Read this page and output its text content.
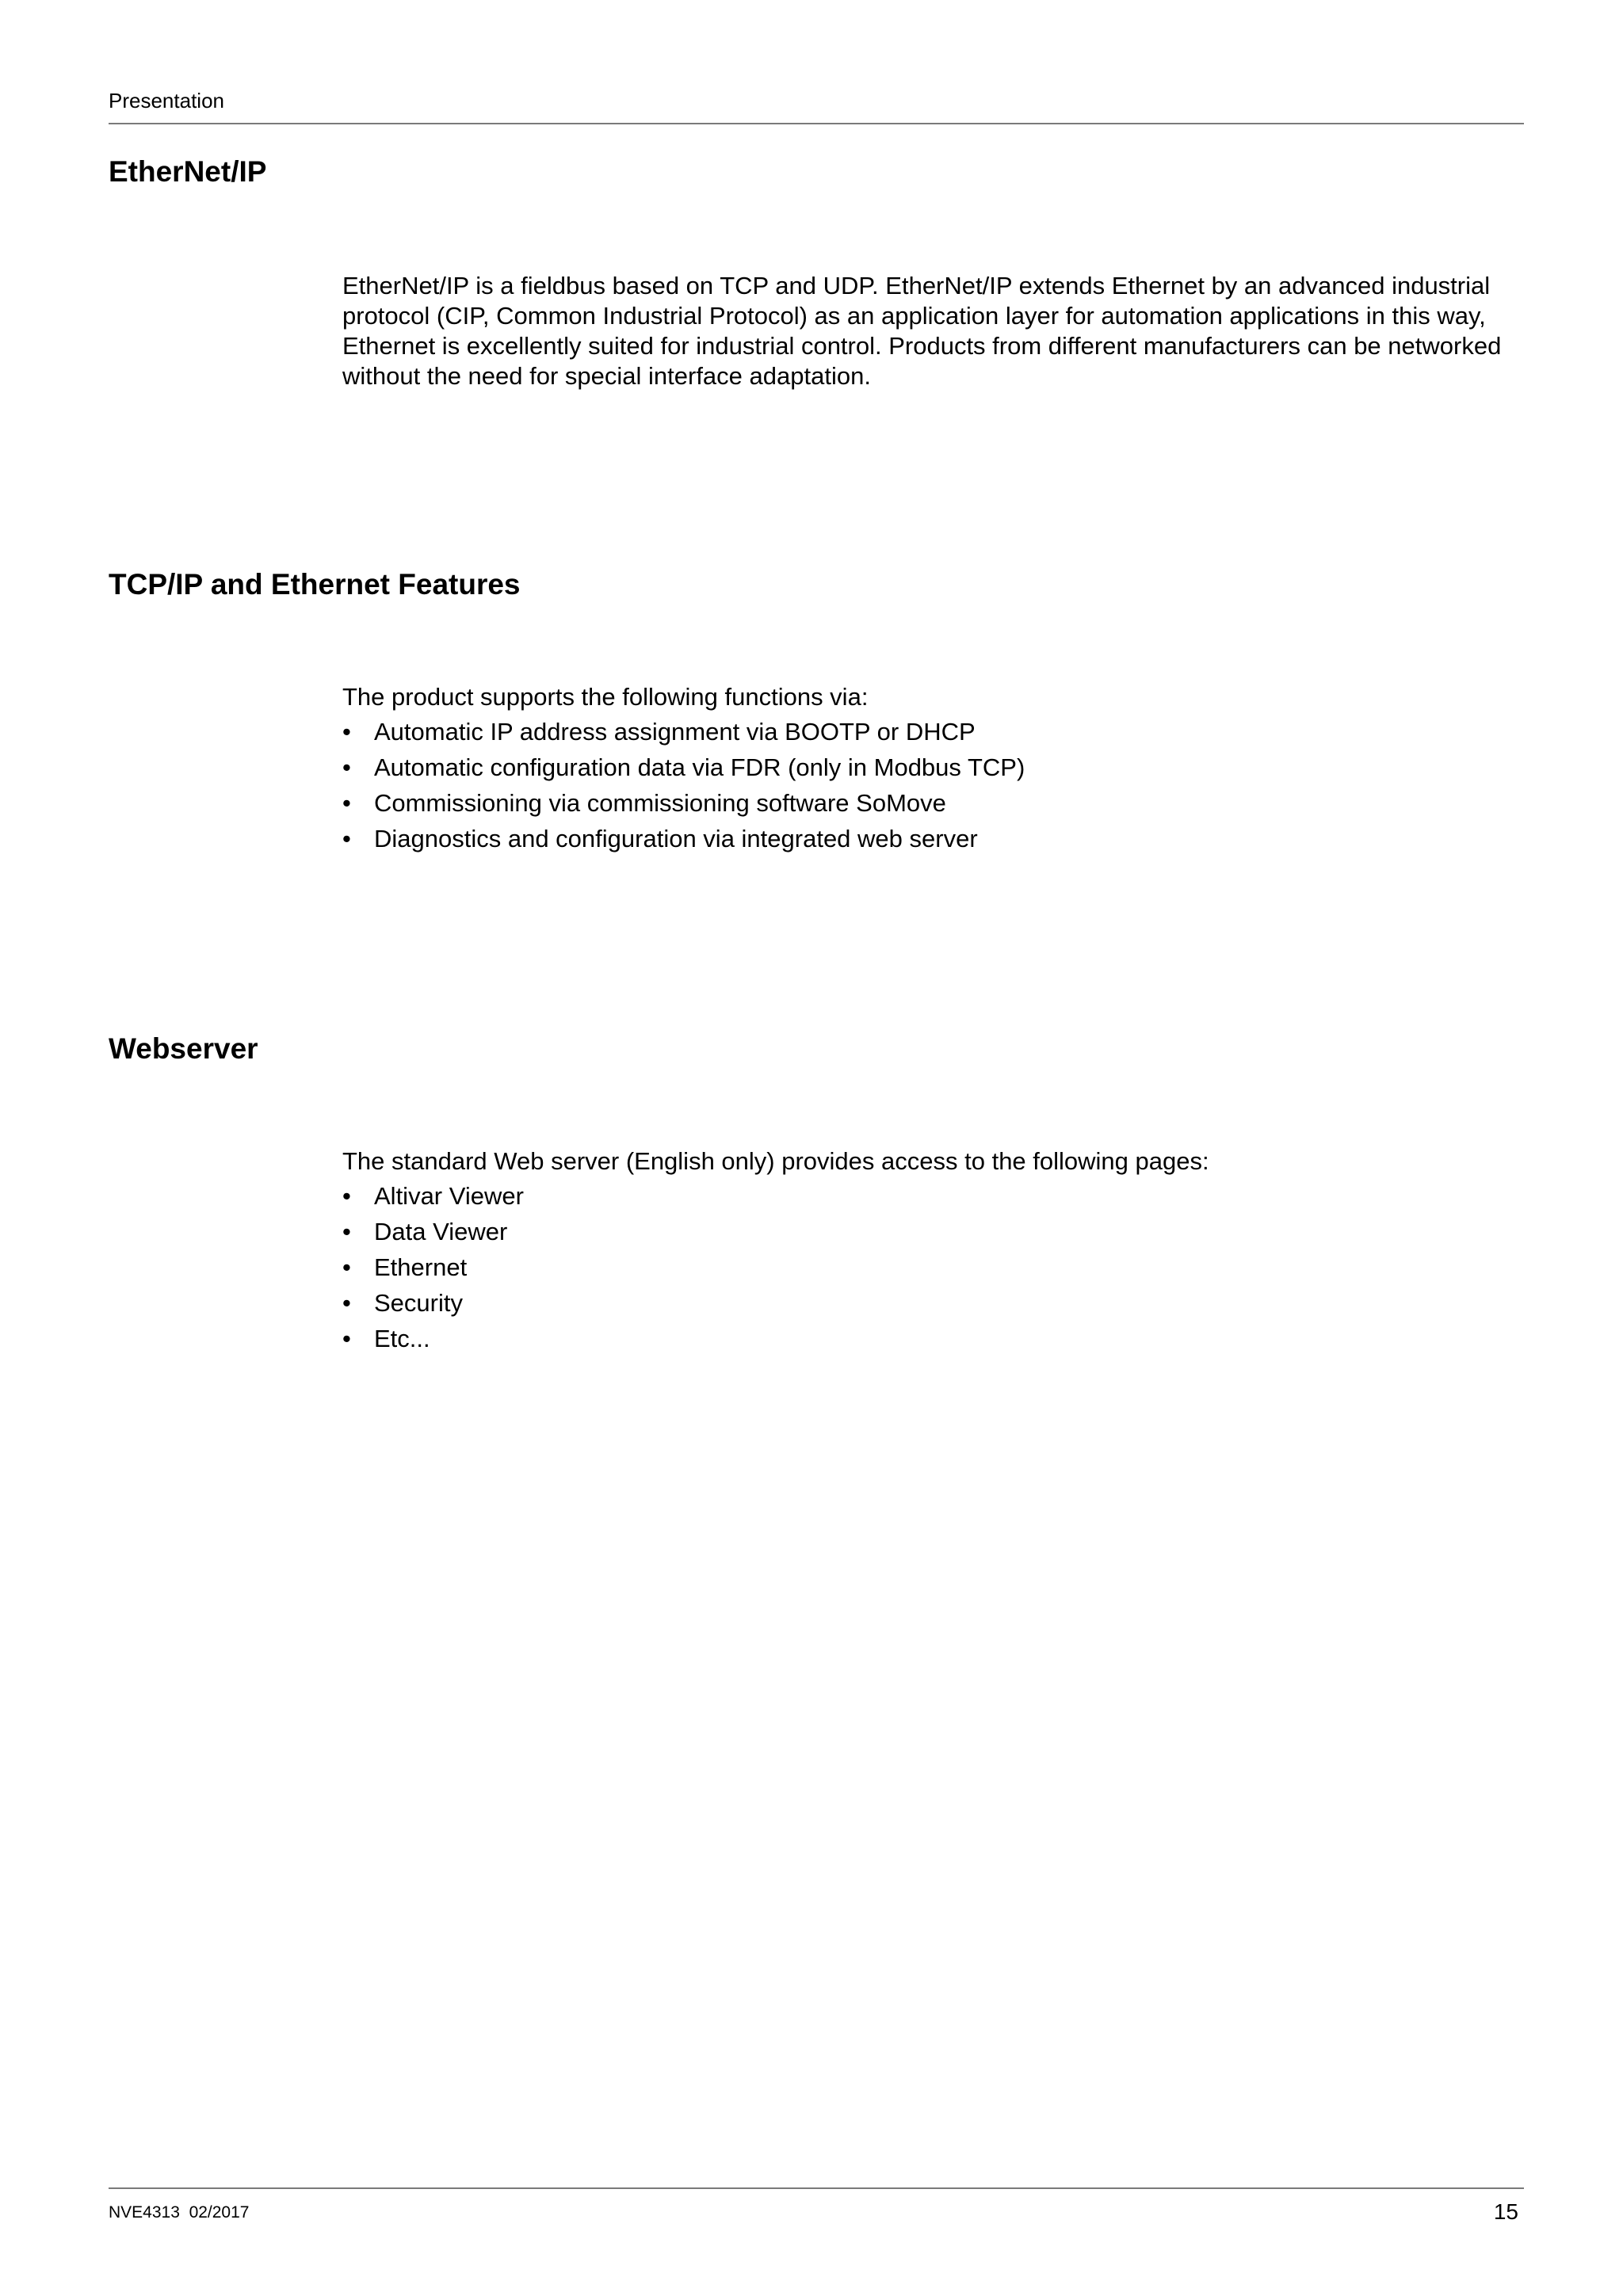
Presentation
EtherNet/IP

EtherNet/IP is a fieldbus based on TCP and UDP. EtherNet/IP extends Ethernet by an advanced industrial protocol (CIP, Common Industrial Protocol) as an application layer for automation applications in this way, Ethernet is excellently suited for industrial control. Products from different manufacturers can be networked without the need for special interface adaptation.

TCP/IP and Ethernet Features

The product supports the following functions via:

• Automatic IP address assignment via BOOTP or DHCP
• Automatic configuration data via FDR (only in Modbus TCP)
• Commissioning via commissioning software SoMove
• Diagnostics and configuration via integrated web server
Webserver

The standard Web server (English only) provides access to the following pages:

• Altivar Viewer
• Data Viewer
• Ethernet
• Security
• Etc...
NVE4313  02/2017	15
